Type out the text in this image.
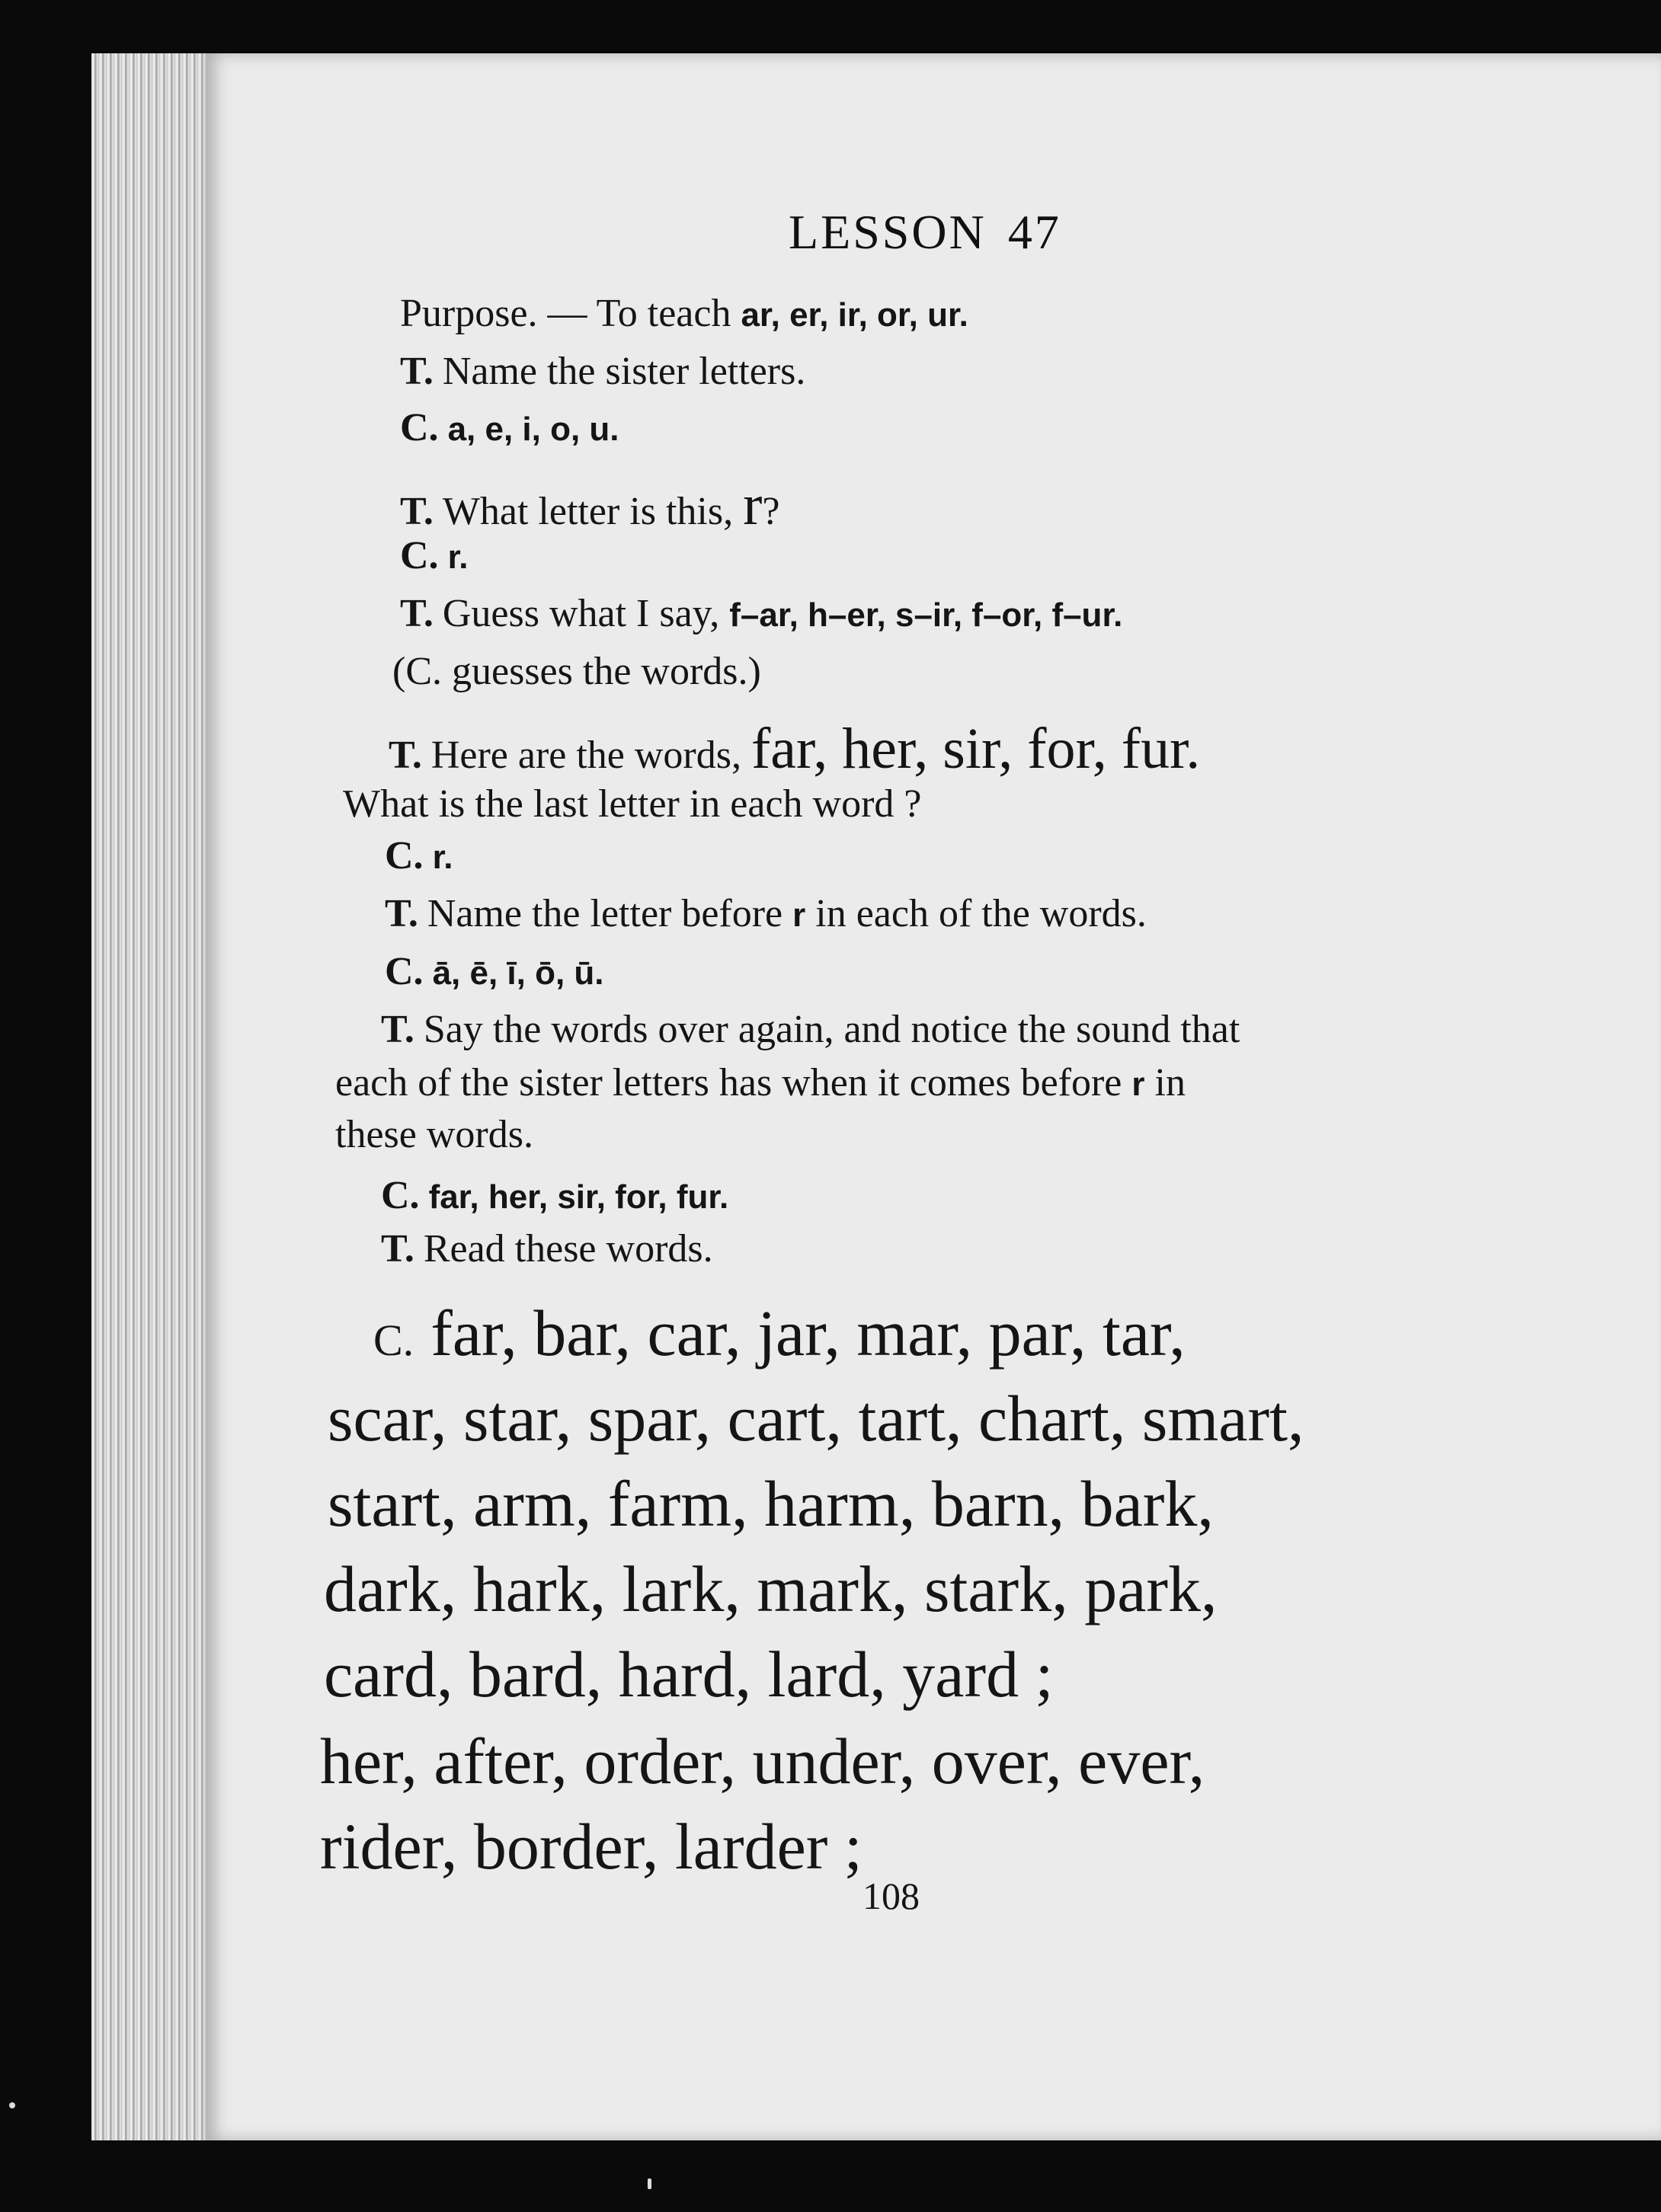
LESSON 47
Purpose. — To teach ar, er, ir, or, ur.
T. Name the sister letters.
C. a, e, i, o, u.
T. What letter is this, r?
C. r.
T. Guess what I say, f–ar, h–er, s–ir, f–or, f–ur.
(C. guesses the words.)
T. Here are the words, far, her, sir, for, fur.
What is the last letter in each word ?
C. r.
T. Name the letter before r in each of the words.
C. ā, ē, ī, ō, ū.
T. Say the words over again, and notice the sound that
each of the sister letters has when it comes before r in
these words.
C. far, her, sir, for, fur.
T. Read these words.
C. far, bar, car, jar, mar, par, tar,
scar, star, spar, cart, tart, chart, smart,
start, arm, farm, harm, barn, bark,
dark, hark, lark, mark, stark, park,
card, bard, hard, lard, yard ;
her, after, order, under, over, ever,
rider, border, larder ;
108
